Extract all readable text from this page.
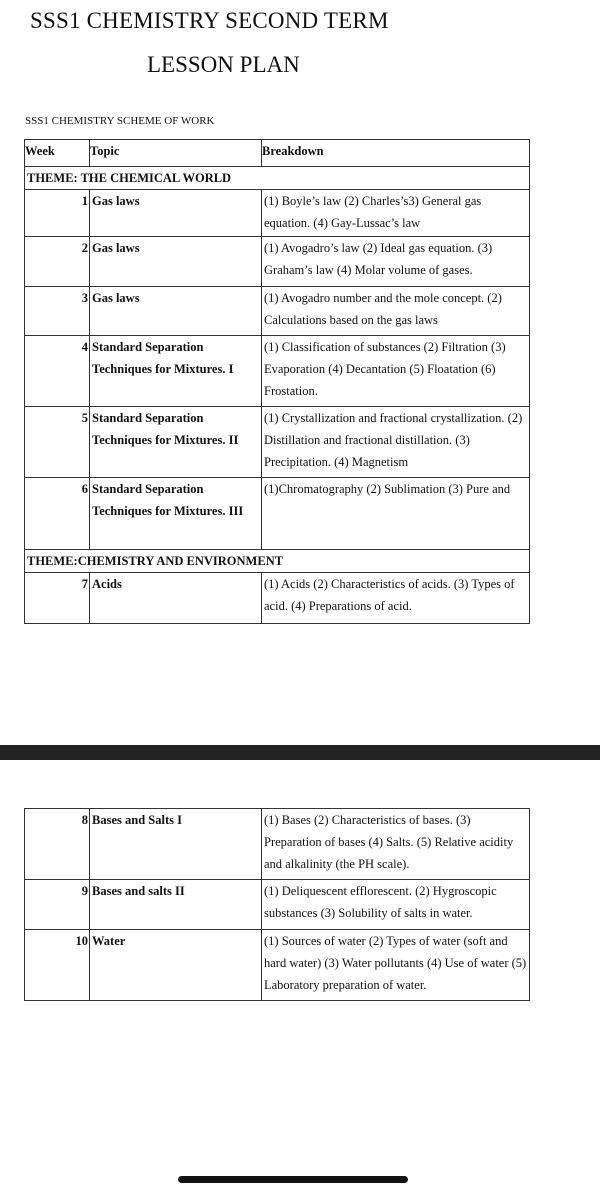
SSS1 CHEMISTRY SECOND TERM
LESSON PLAN
SSS1 CHEMISTRY SCHEME OF WORK
Week	Topic	Breakdown
THEME: THE CHEMICAL WORLD		
1	Gas laws	(1) Boyle’s law (2) Charles’s3) General gas equation. (4) Gay-Lussac’s law
2	Gas laws	(1) Avogadro’s law (2) Ideal gas equation. (3) Graham’s law (4) Molar volume of gases.
3	Gas laws	(1) Avogadro number and the mole concept. (2) Calculations based on the gas laws
4	Standard Separation Techniques for Mixtures. I	(1) Classification of substances (2) Filtration (3) Evaporation (4) Decantation (5) Floatation (6) Frostation.
5	Standard Separation Techniques for Mixtures. II	(1) Crystallization and fractional crystallization. (2) Distillation and fractional distillation. (3) Precipitation. (4) Magnetism
6	Standard Separation Techniques for Mixtures. III	(1)Chromatography (2) Sublimation (3) Pure and
THEME:CHEMISTRY AND ENVIRONMENT		
7	Acids	(1) Acids (2) Characteristics of acids. (3) Types of acid. (4) Preparations of acid.
8	Bases and Salts I	(1) Bases (2) Characteristics of bases. (3) Preparation of bases (4) Salts. (5) Relative acidity and alkalinity (the PH scale).
9	Bases and salts II	(1) Deliquescent efflorescent. (2) Hygroscopic substances (3) Solubility of salts in water.
10	Water	(1) Sources of water (2) Types of water (soft and hard water) (3) Water pollutants (4) Use of water (5) Laboratory preparation of water.
